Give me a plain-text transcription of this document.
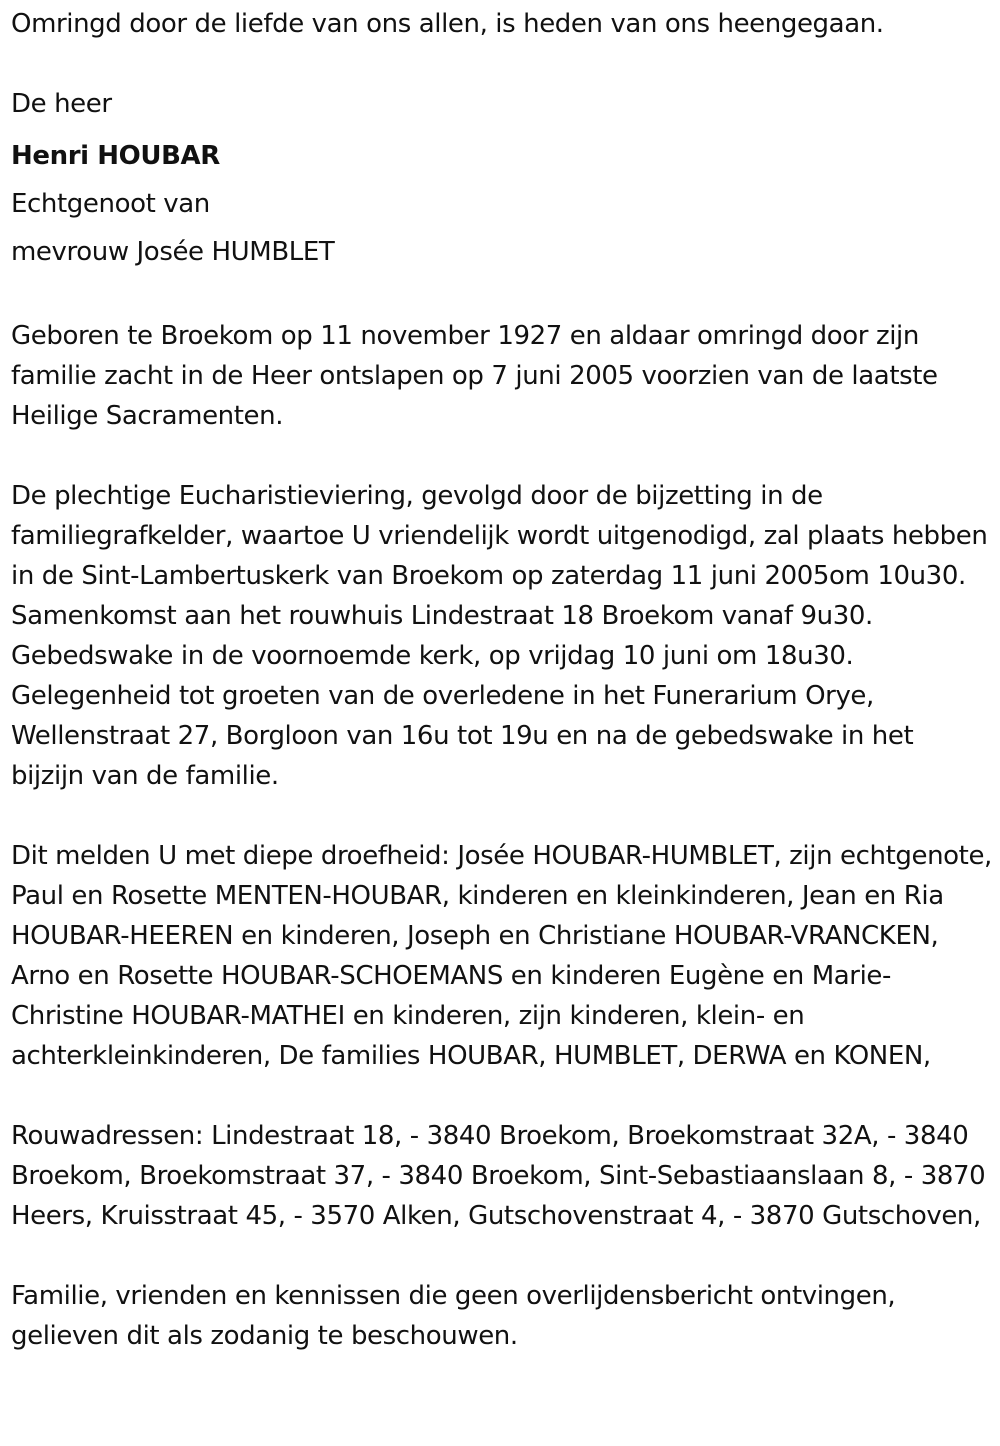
Omringd door de liefde van ons allen, is heden van ons heengegaan.

De heer

Henri HOUBAR

Echtgenoot van

mevrouw Josée HUMBLET

Geboren te Broekom op 11 november 1927 en aldaar omringd door zijn familie zacht in de Heer ontslapen op 7 juni 2005 voorzien van de laatste Heilige Sacramenten.

De plechtige Eucharistieviering, gevolgd door de bijzetting in de familiegrafkelder, waartoe U vriendelijk wordt uitgenodigd, zal plaats hebben in de Sint-Lambertuskerk van Broekom op zaterdag 11 juni 2005om 10u30. Samenkomst aan het rouwhuis Lindestraat 18 Broekom vanaf 9u30. Gebedswake in de voornoemde kerk, op vrijdag 10 juni om 18u30. Gelegenheid tot groeten van de overledene in het Funerarium Orye, Wellenstraat 27, Borgloon van 16u tot 19u en na de gebedswake in het bijzijn van de familie.

Dit melden U met diepe droefheid: Josée HOUBAR-HUMBLET, zijn echtgenote, Paul en Rosette MENTEN-HOUBAR, kinderen en kleinkinderen, Jean en Ria HOUBAR-HEEREN en kinderen, Joseph en Christiane HOUBAR-VRANCKEN, Arno en Rosette HOUBAR-SCHOEMANS en kinderen Eugène en Marie-Christine HOUBAR-MATHEI en kinderen, zijn kinderen, klein- en achterkleinkinderen, De families HOUBAR, HUMBLET, DERWA en KONEN,

Rouwadressen: Lindestraat 18, - 3840 Broekom, Broekomstraat 32A, - 3840 Broekom, Broekomstraat 37, - 3840 Broekom, Sint-Sebastiaanslaan 8, - 3870 Heers, Kruisstraat 45, - 3570 Alken, Gutschovenstraat 4, - 3870 Gutschoven,

Familie, vrienden en kennissen die geen overlijdensbericht ontvingen, gelieven dit als zodanig te beschouwen.
